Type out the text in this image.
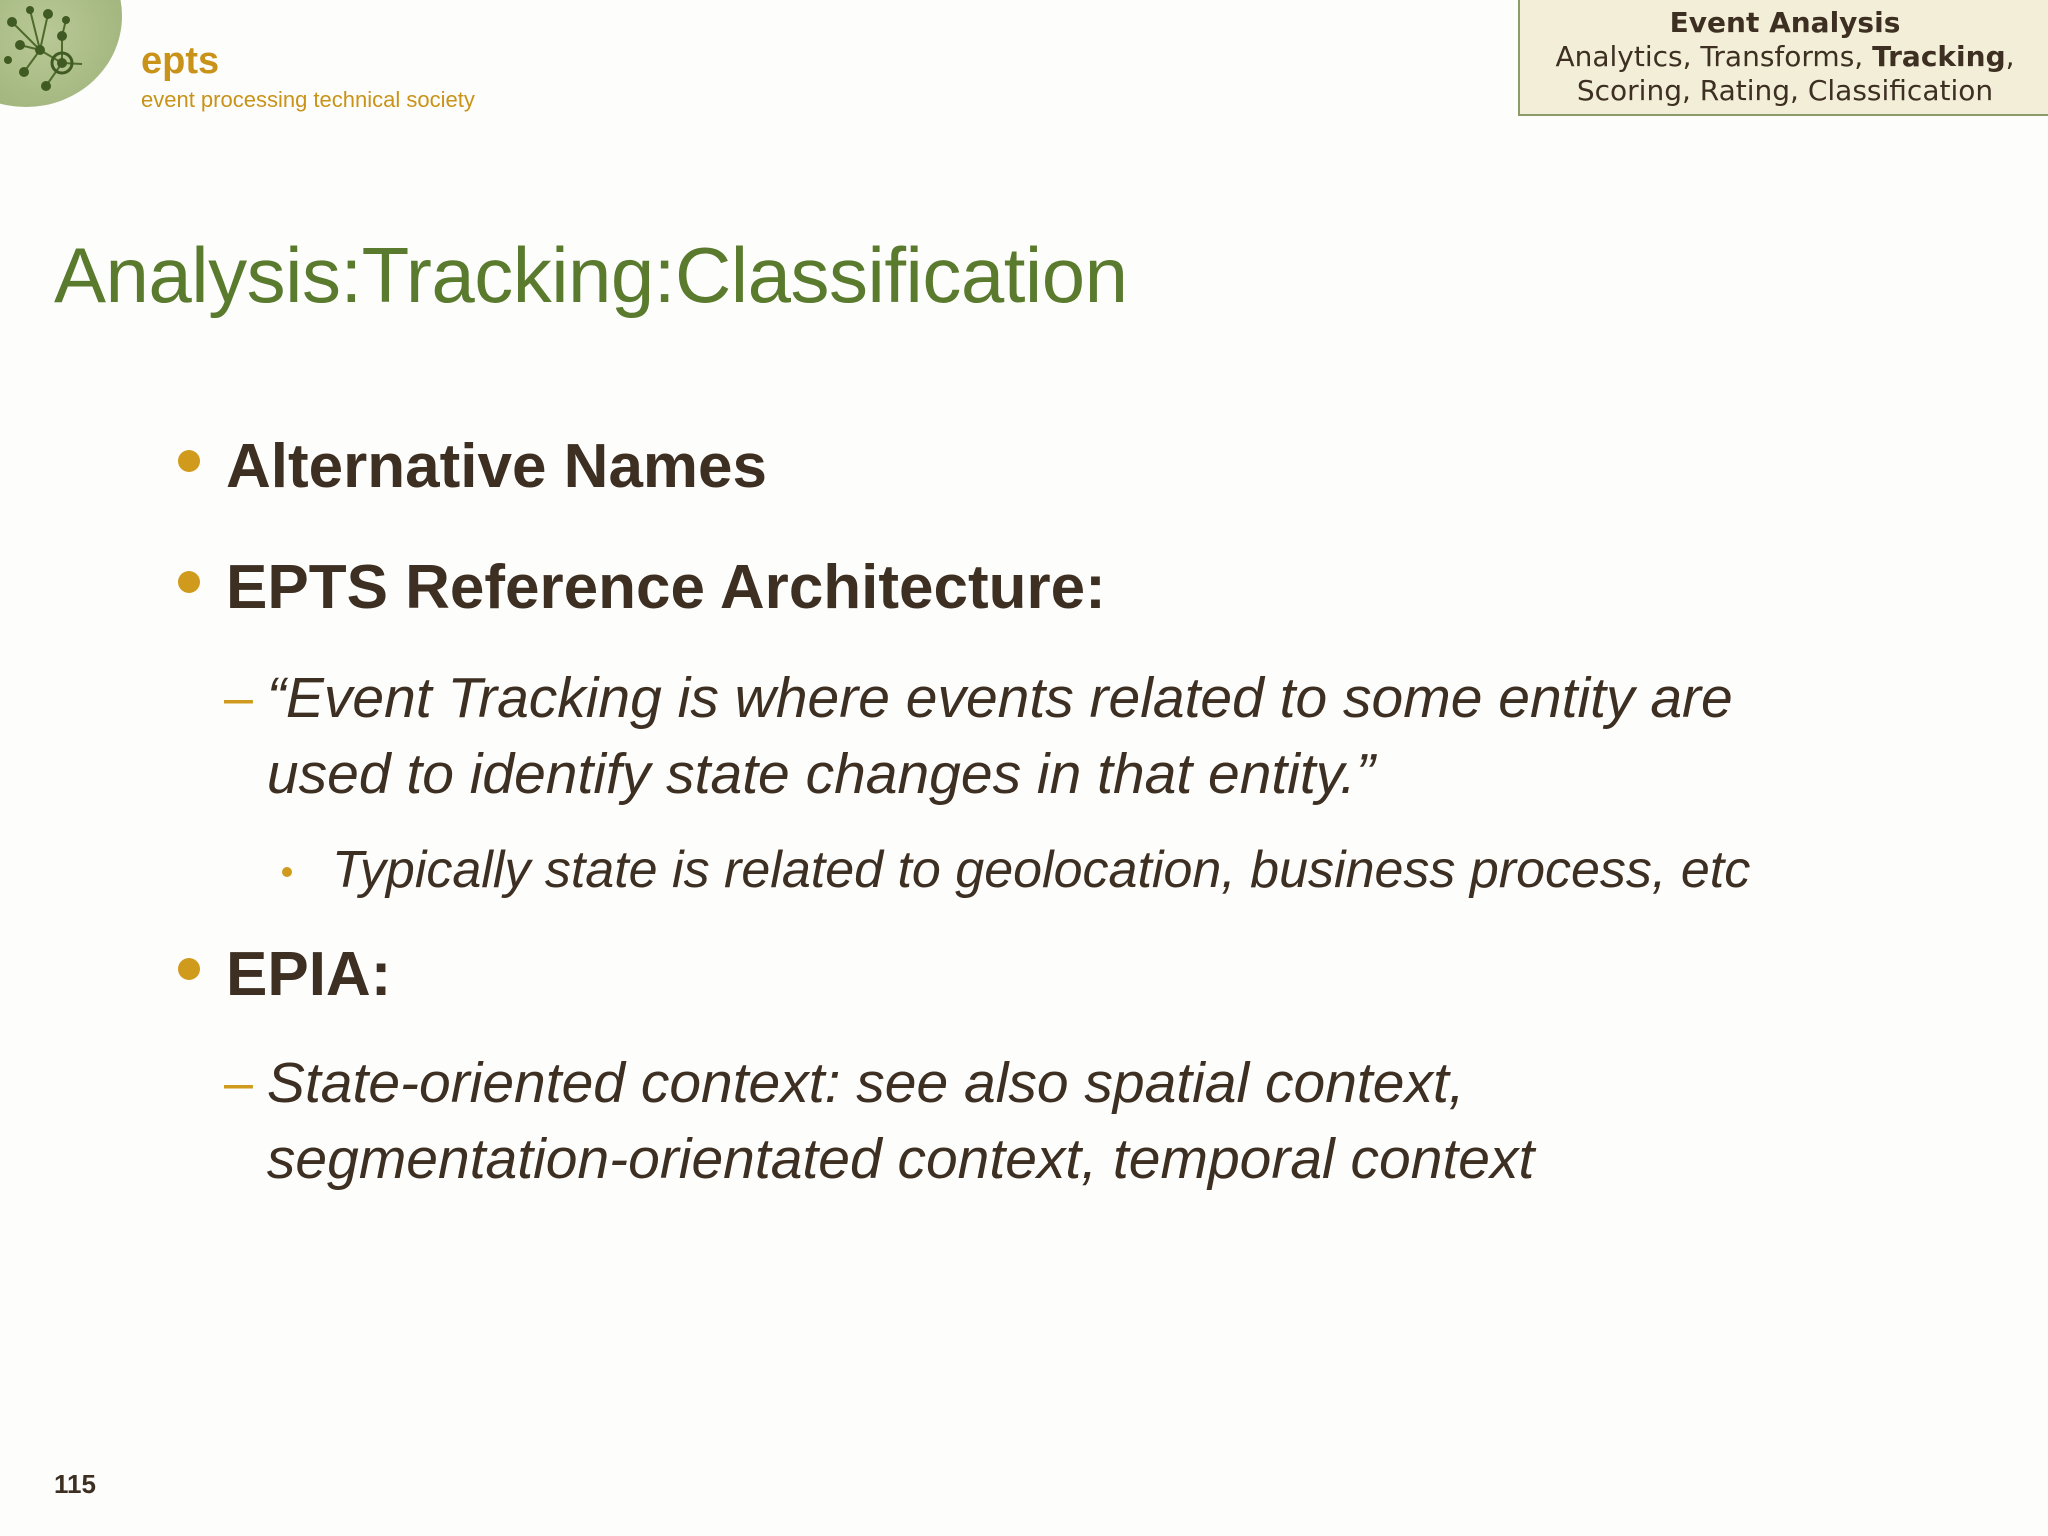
epts

event processing technical society

Event Analysis
Analytics, Transforms, Tracking,
Scoring, Rating, Classification
Analysis:Tracking:Classification
Alternative Names
EPTS Reference Architecture:
– “Event Tracking is where events related to some entity are
used to identify state changes in that entity.”
Typically state is related to geolocation, business process, etc
EPIA:
– State-oriented context: see also spatial context,
segmentation-orientated context, temporal context

115
